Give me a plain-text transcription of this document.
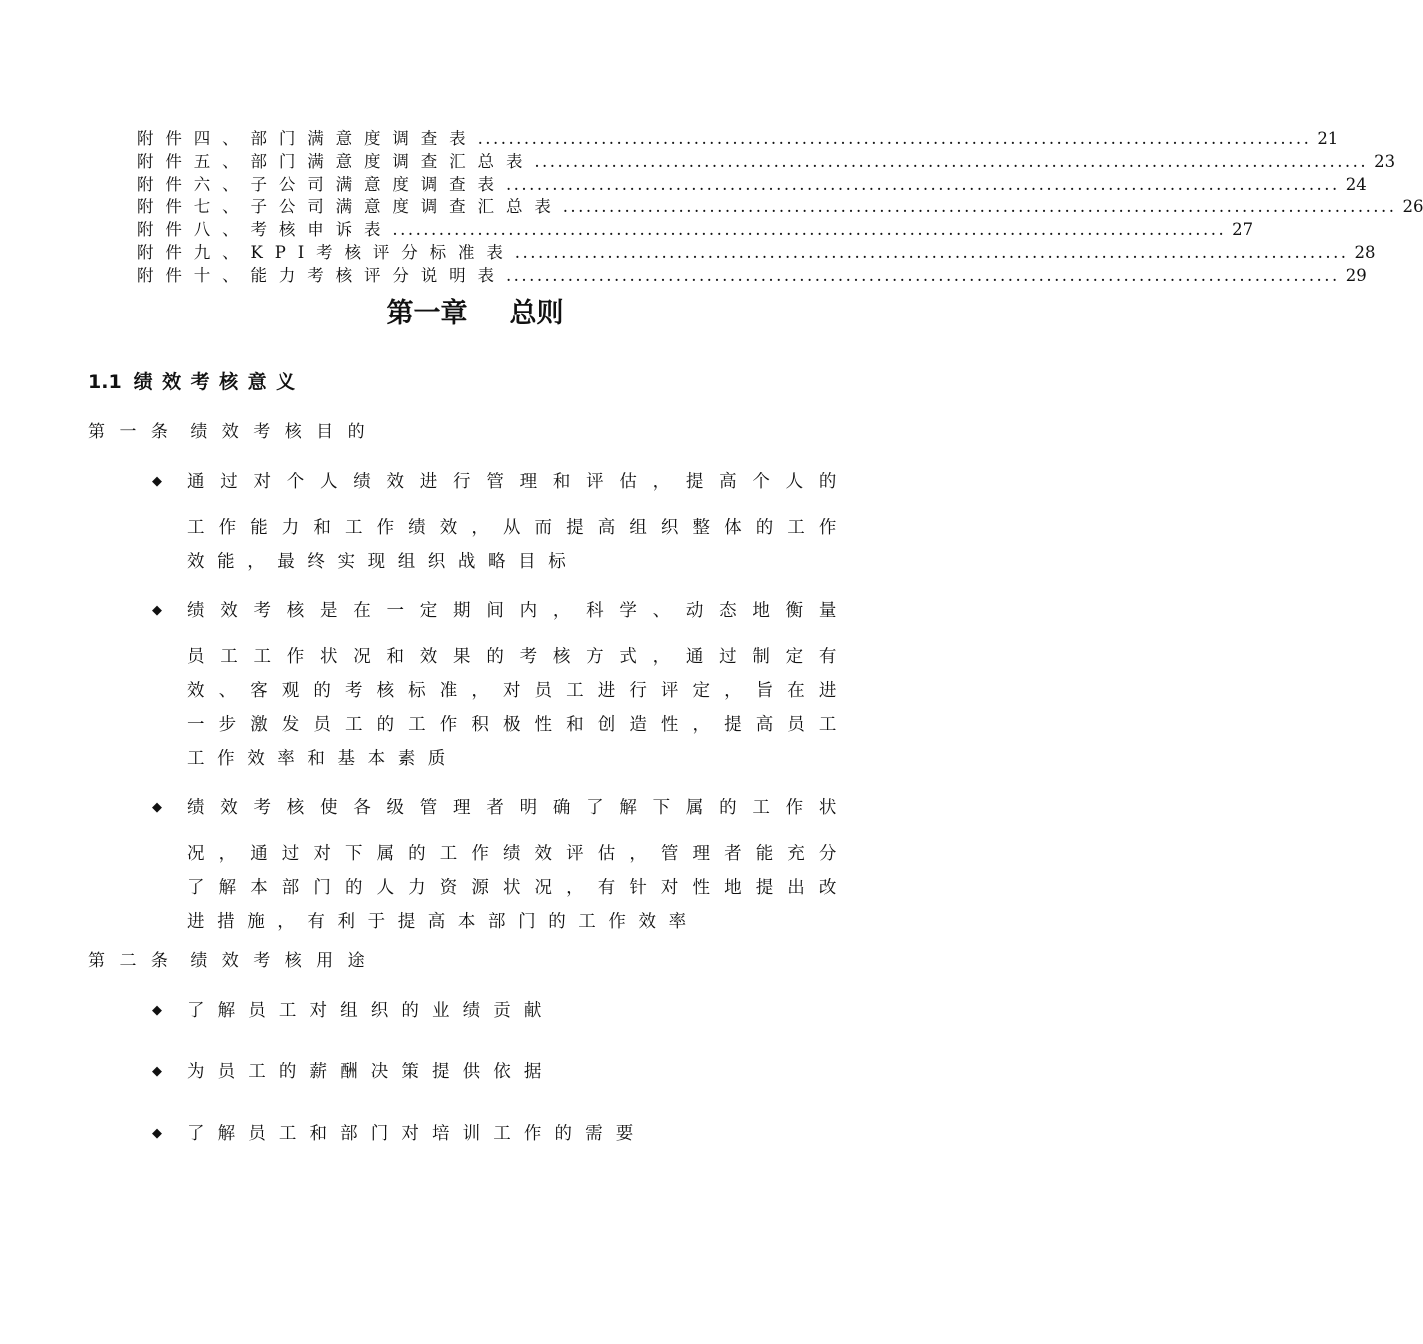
附件四、部门满意度调查表 ............................................................................................................ 21
附件五、部门满意度调查汇总表 ............................................................................................................ 23
附件六、子公司满意度调查表 ............................................................................................................ 24
附件七、子公司满意度调查汇总表 ............................................................................................................ 26
附件八、考核申诉表 ............................................................................................................ 27
附件九、KPI考核评分标准表 ............................................................................................................ 28
附件十、能力考核评分说明表 ............................................................................................................ 29
第一章 总则
1.1 绩效考核意义
第一条 绩效考核目的
◆ 通过对个人绩效进行管理和评估，提高个人的
工作能力和工作绩效，从而提高组织整体的工作效能，最终实现组织战略目标
◆ 绩效考核是在一定期间内，科学、动态地衡量
员工工作状况和效果的考核方式，通过制定有效、客观的考核标准，对员工进行评定，旨在进一步激发员工的工作积极性和创造性，提高员工工作效率和基本素质
◆ 绩效考核使各级管理者明确了解下属的工作状
况，通过对下属的工作绩效评估，管理者能充分了解本部门的人力资源状况，有针对性地提出改进措施，有利于提高本部门的工作效率
第二条 绩效考核用途
◆ 了解员工对组织的业绩贡献
◆ 为员工的薪酬决策提供依据
◆ 了解员工和部门对培训工作的需要
